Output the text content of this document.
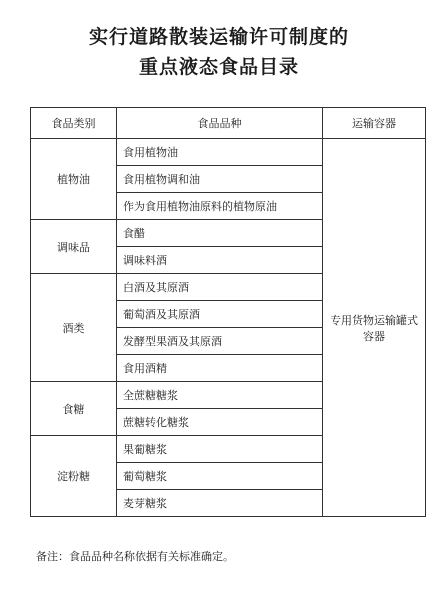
实行道路散装运输许可制度的
重点液态食品目录
食品类别	食品品种	运输容器
植物油	食用植物油	专用货物运输罐式容器
	食用植物调和油	
	作为食用植物油原料的植物原油	
调味品	食醋	
	调味料酒	
酒类	白酒及其原酒	
	葡萄酒及其原酒	
	发酵型果酒及其原酒	
	食用酒精	
食糖	全蔗糖糖浆	
	蔗糖转化糖浆	
淀粉糖	果葡糖浆	
	葡萄糖浆	
	麦芽糖浆	
备注：食品品种名称依据有关标准确定。
